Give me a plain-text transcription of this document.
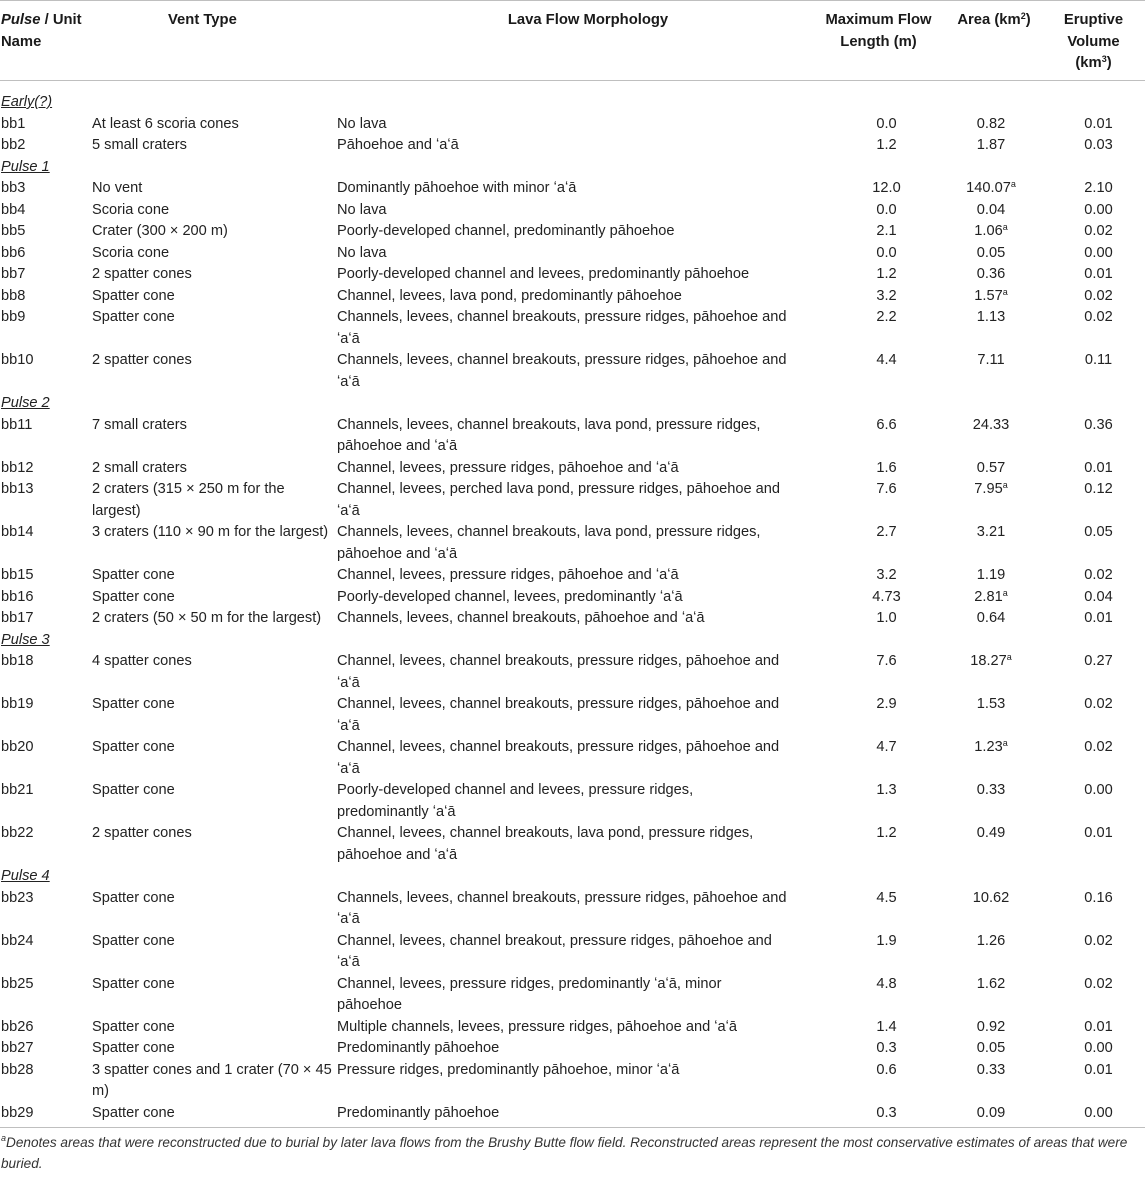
Pulse / Unit Name	Vent Type	Lava Flow Morphology	Maximum Flow Length (m)	Area $(km^2)$	Eruptive Volume $(km^3)$

Early(?)					
bb1	At least 6 scoria cones	No lava	0.0	0.82	0.01
bb2	5 small craters	Pāhoehoe and ʻaʻā	1.2	1.87	0.03
Pulse 1					
bb3	No vent	Dominantly pāhoehoe with minor ʻaʻā	12.0	140.07$^a$	2.10
bb4	Scoria cone	No lava	0.0	0.04	0.00
bb5	Crater (300 × 200 m)	Poorly-developed channel, predominantly pāhoehoe	2.1	1.06$^a$	0.02
bb6	Scoria cone	No lava	0.0	0.05	0.00
bb7	2 spatter cones	Poorly-developed channel and levees, predominantly pāhoehoe	1.2	0.36	0.01
bb8	Spatter cone	Channel, levees, lava pond, predominantly pāhoehoe	3.2	1.57$^a$	0.02
bb9	Spatter cone	Channels, levees, channel breakouts, pressure ridges, pāhoehoe and ʻaʻā	2.2	1.13	0.02
bb10	2 spatter cones	Channels, levees, channel breakouts, pressure ridges, pāhoehoe and ʻaʻā	4.4	7.11	0.11
Pulse 2					
bb11	7 small craters	Channels, levees, channel breakouts, lava pond, pressure ridges, pāhoehoe and ʻaʻā	6.6	24.33	0.36
bb12	2 small craters	Channel, levees, pressure ridges, pāhoehoe and ʻaʻā	1.6	0.57	0.01
bb13	2 craters (315 × 250 m for the largest)	Channel, levees, perched lava pond, pressure ridges, pāhoehoe and ʻaʻā	7.6	7.95$^a$	0.12
bb14	3 craters (110 × 90 m for the largest)	Channels, levees, channel breakouts, lava pond, pressure ridges, pāhoehoe and ʻaʻā	2.7	3.21	0.05
bb15	Spatter cone	Channel, levees, pressure ridges, pāhoehoe and ʻaʻā	3.2	1.19	0.02
bb16	Spatter cone	Poorly-developed channel, levees, predominantly ʻaʻā	4.73	2.81$^a$	0.04
bb17	2 craters (50 × 50 m for the largest)	Channels, levees, channel breakouts, pāhoehoe and ʻaʻā	1.0	0.64	0.01
Pulse 3					
bb18	4 spatter cones	Channel, levees, channel breakouts, pressure ridges, pāhoehoe and ʻaʻā	7.6	18.27$^a$	0.27
bb19	Spatter cone	Channel, levees, channel breakouts, pressure ridges, pāhoehoe and ʻaʻā	2.9	1.53	0.02
bb20	Spatter cone	Channel, levees, channel breakouts, pressure ridges, pāhoehoe and ʻaʻā	4.7	1.23$^a$	0.02
bb21	Spatter cone	Poorly-developed channel and levees, pressure ridges, predominantly ʻaʻā	1.3	0.33	0.00
bb22	2 spatter cones	Channel, levees, channel breakouts, lava pond, pressure ridges, pāhoehoe and ʻaʻā	1.2	0.49	0.01
Pulse 4					
bb23	Spatter cone	Channels, levees, channel breakouts, pressure ridges, pāhoehoe and ʻaʻā	4.5	10.62	0.16
bb24	Spatter cone	Channel, levees, channel breakout, pressure ridges, pāhoehoe and ʻaʻā	1.9	1.26	0.02
bb25	Spatter cone	Channel, levees, pressure ridges, predominantly ʻaʻā, minor pāhoehoe	4.8	1.62	0.02
bb26	Spatter cone	Multiple channels, levees, pressure ridges, pāhoehoe and ʻaʻā	1.4	0.92	0.01
bb27	Spatter cone	Predominantly pāhoehoe	0.3	0.05	0.00
bb28	3 spatter cones and 1 crater (70 × 45 m)	Pressure ridges, predominantly pāhoehoe, minor ʻaʻā	0.6	0.33	0.01
bb29	Spatter cone	Predominantly pāhoehoe	0.3	0.09	0.00
$^a$Denotes areas that were reconstructed due to burial by later lava flows from the Brushy Butte flow field. Reconstructed areas represent the most conservative estimates of areas that were buried.
